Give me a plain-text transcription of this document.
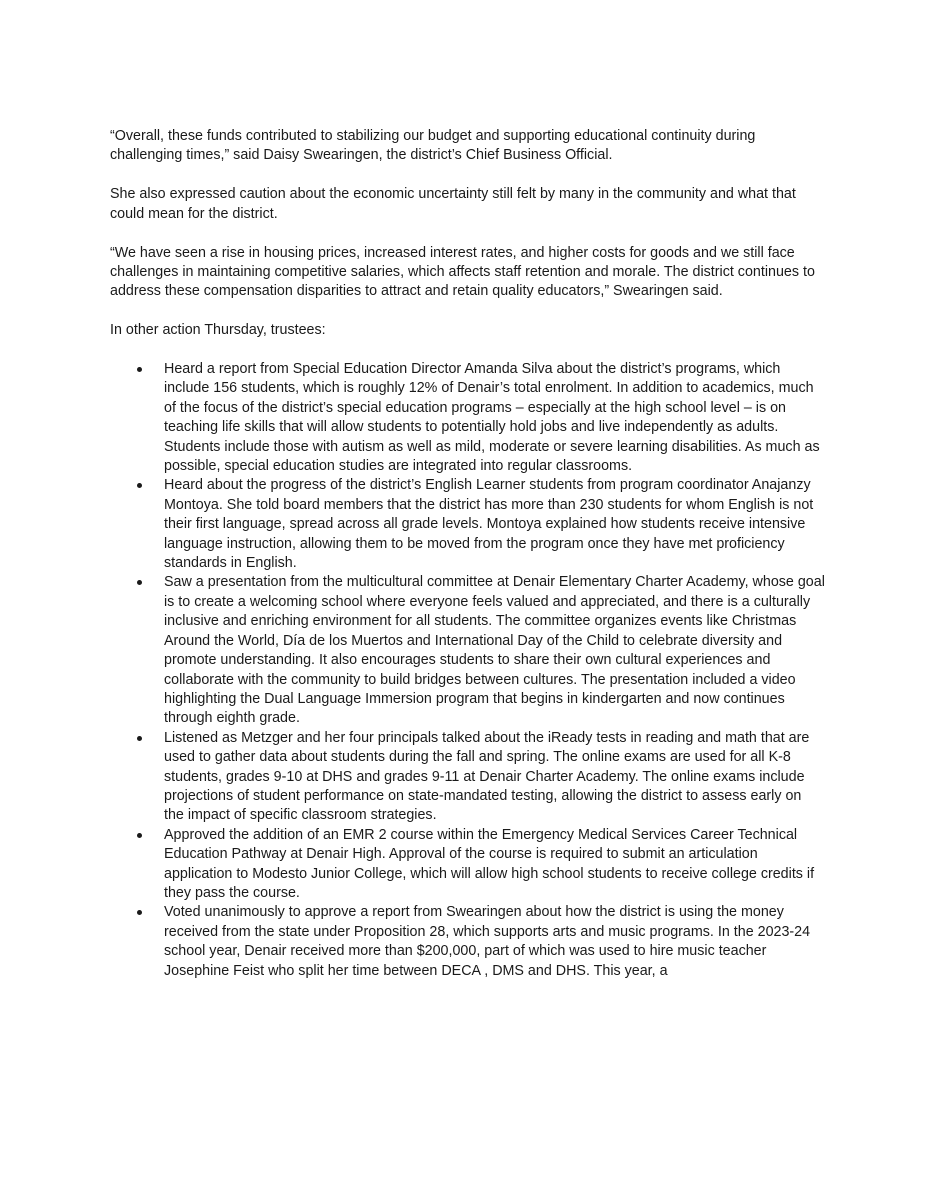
“Overall, these funds contributed to stabilizing our budget and supporting educational continuity during challenging times,” said Daisy Swearingen, the district’s Chief Business Official.

She also expressed caution about the economic uncertainty still felt by many in the community and what that could mean for the district.

“We have seen a rise in housing prices, increased interest rates, and higher costs for goods and we still face challenges in maintaining competitive salaries, which affects staff retention and morale. The district continues to address these compensation disparities to attract and retain quality educators,” Swearingen said.

In other action Thursday, trustees:

Heard a report from Special Education Director Amanda Silva about the district’s programs, which include 156 students, which is roughly 12% of Denair’s total enrolment. In addition to academics, much of the focus of the district’s special education programs – especially at the high school level – is on teaching life skills that will allow students to potentially hold jobs and live independently as adults. Students include those with autism as well as mild, moderate or severe learning disabilities. As much as possible, special education studies are integrated into regular classrooms.
Heard about the progress of the district’s English Learner students from program coordinator Anajanzy Montoya. She told board members that the district has more than 230 students for whom English is not their first language, spread across all grade levels. Montoya explained how students receive intensive language instruction, allowing them to be moved from the program once they have met proficiency standards in English.
Saw a presentation from the multicultural committee at Denair Elementary Charter Academy, whose goal is to create a welcoming school where everyone feels valued and appreciated, and there is a culturally inclusive and enriching environment for all students. The committee organizes events like Christmas Around the World, Día de los Muertos and International Day of the Child to celebrate diversity and promote understanding. It also encourages students to share their own cultural experiences and collaborate with the community to build bridges between cultures. The presentation included a video highlighting the Dual Language Immersion program that begins in kindergarten and now continues through eighth grade.
Listened as Metzger and her four principals talked about the iReady tests in reading and math that are used to gather data about students during the fall and spring. The online exams are used for all K-8 students, grades 9-10 at DHS and grades 9-11 at Denair Charter Academy. The online exams include projections of student performance on state-mandated testing, allowing the district to assess early on the impact of specific classroom strategies.
Approved the addition of an EMR 2 course within the Emergency Medical Services Career Technical Education Pathway at Denair High. Approval of the course is required to submit an articulation application to Modesto Junior College, which will allow high school students to receive college credits if they pass the course.
Voted unanimously to approve a report from Swearingen about how the district is using the money received from the state under Proposition 28, which supports arts and music programs. In the 2023-24 school year, Denair received more than $200,000, part of which was used to hire music teacher Josephine Feist who split her time between DECA , DMS and DHS. This year, a
